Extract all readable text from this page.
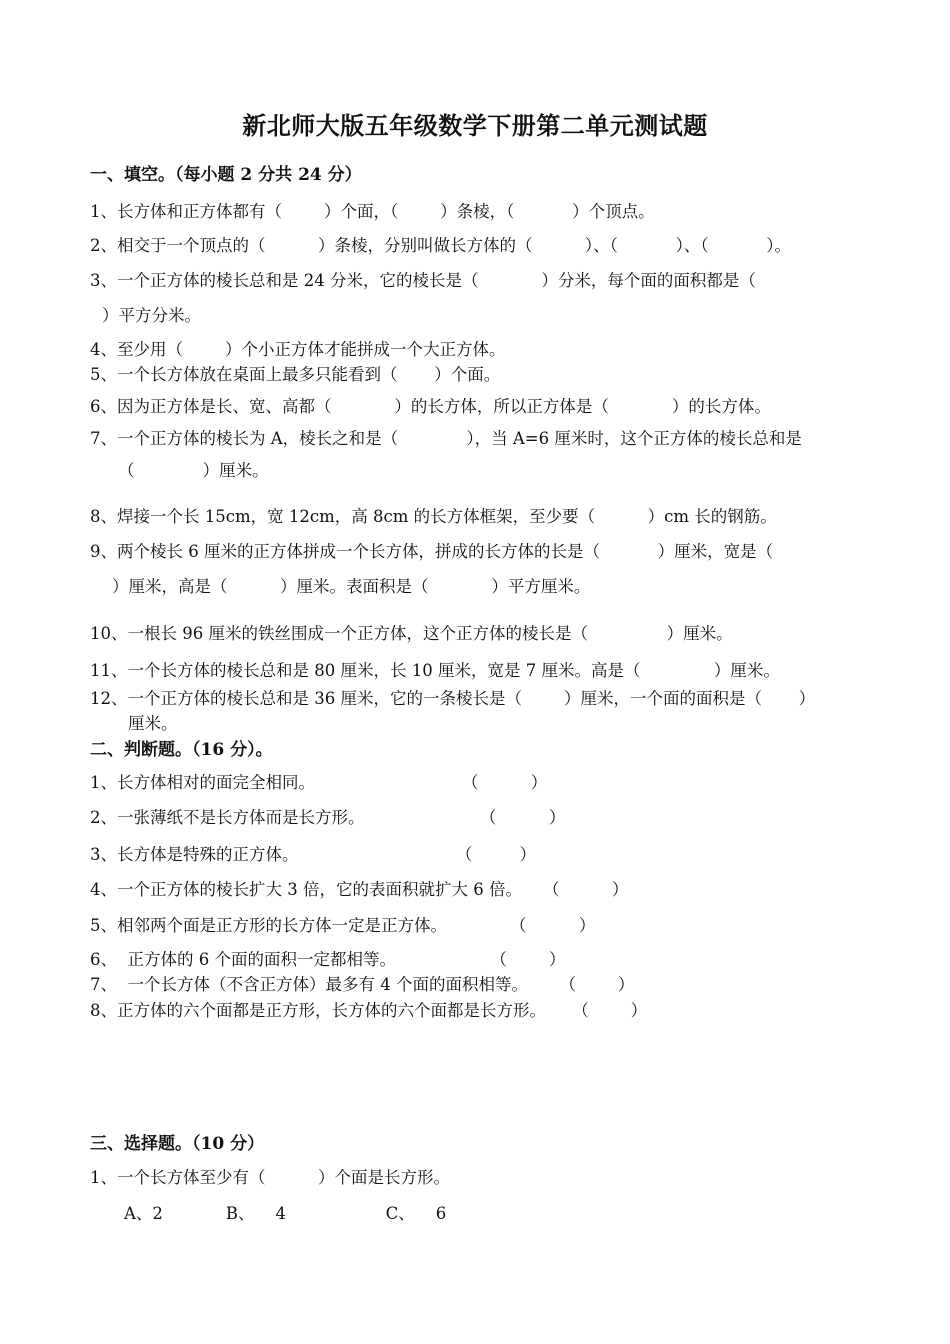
新北师大版五年级数学下册第二单元测试题
一、填空。（每小题 2 分共 24 分）
1、长方体和正方体都有（        ）个面，（        ）条棱，（           ）个顶点。
2、相交于一个顶点的（          ）条棱，分别叫做长方体的（          ）、（           ）、（           ）。
3、一个正方体的棱长总和是 24 分米，它的棱长是（            ）分米，每个面的面积都是（
）平方分米。
4、至少用（        ）个小正方体才能拼成一个大正方体。
5、一个长方体放在桌面上最多只能看到（       ）个面。
6、因为正方体是长、宽、高都（            ）的长方体，所以正方体是（            ）的长方体。
7、一个正方体的棱长为 A，棱长之和是（             ），当 A=6 厘米时，这个正方体的棱长总和是
（             ）厘米。
8、焊接一个长 15cm，宽 12cm，高 8cm 的长方体框架，至少要（          ）cm 长的钢筋。
9、两个棱长 6 厘米的正方体拼成一个长方体，拼成的长方体的长是（           ）厘米，宽是（
）厘米，高是（          ）厘米。表面积是（            ）平方厘米。
10、一根长 96 厘米的铁丝围成一个正方体，这个正方体的棱长是（               ）厘米。
11、一个长方体的棱长总和是 80 厘米，长 10 厘米，宽是 7 厘米。高是（              ）厘米。
12、一个正方体的棱长总和是 36 厘米，它的一条棱长是（        ）厘米，一个面的面积是（       ）
厘米。
二、判断题。（16 分）。
1、长方体相对的面完全相同。                            （          ）
2、一张薄纸不是长方体而是长方形。                      （          ）
3、长方体是特殊的正方体。                              （         ）
4、一个正方体的棱长扩大 3 倍，它的表面积就扩大 6 倍。    （          ）
5、相邻两个面是正方形的长方体一定是正方体。            （          ）
6、  正方体的 6 个面的面积一定都相等。                  （        ）
7、  一个长方体（不含正方体）最多有 4 个面的面积相等。      （        ）
8、正方体的六个面都是正方形，长方体的六个面都是长方形。     （        ）
三、选择题。（10 分）
1、一个长方体至少有（          ）个面是长方形。
A、2            B、    4                   C、    6
